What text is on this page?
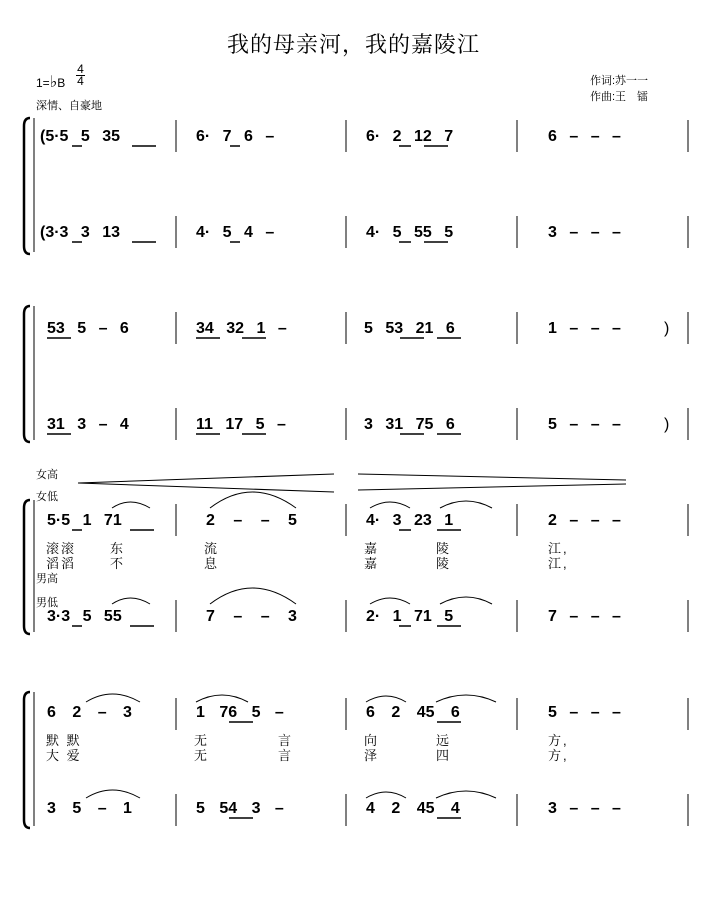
我的母亲河，我的嘉陵江
1=♭B
4
4
深情、自豪地
作词:苏一一
作曲:王　镭
(5·5 5 35	6· 7 6 –	6· 2 12 7	6 – – –
(3·3 3 13	4· 5 4 –	4· 5 55 5	3 – – –
53 5 – 6	34 32 1 –	5 53 21 6	1 – – –	)
31 3 – 4	11 17 5 –	3 31 75 6	5 – – –	)
女高
女低
5·5 1 71	2 – – 5	4· 3 23 1	2 – – –
滚滚	东	流	嘉	陵	江,
滔滔	不	息	嘉	陵	江,
男高
男低
3·3 5 55	7 – – 3	2· 1 71 5	7 – – –
6 2 – 3	1 76 5 –	6 2 45 6	5 – – –
默 默	无	言	向	远	方,
大 爱	无	言	泽	四	方,
3 5 – 1	5 54 3 –	4 2 45 4	3 – – –
